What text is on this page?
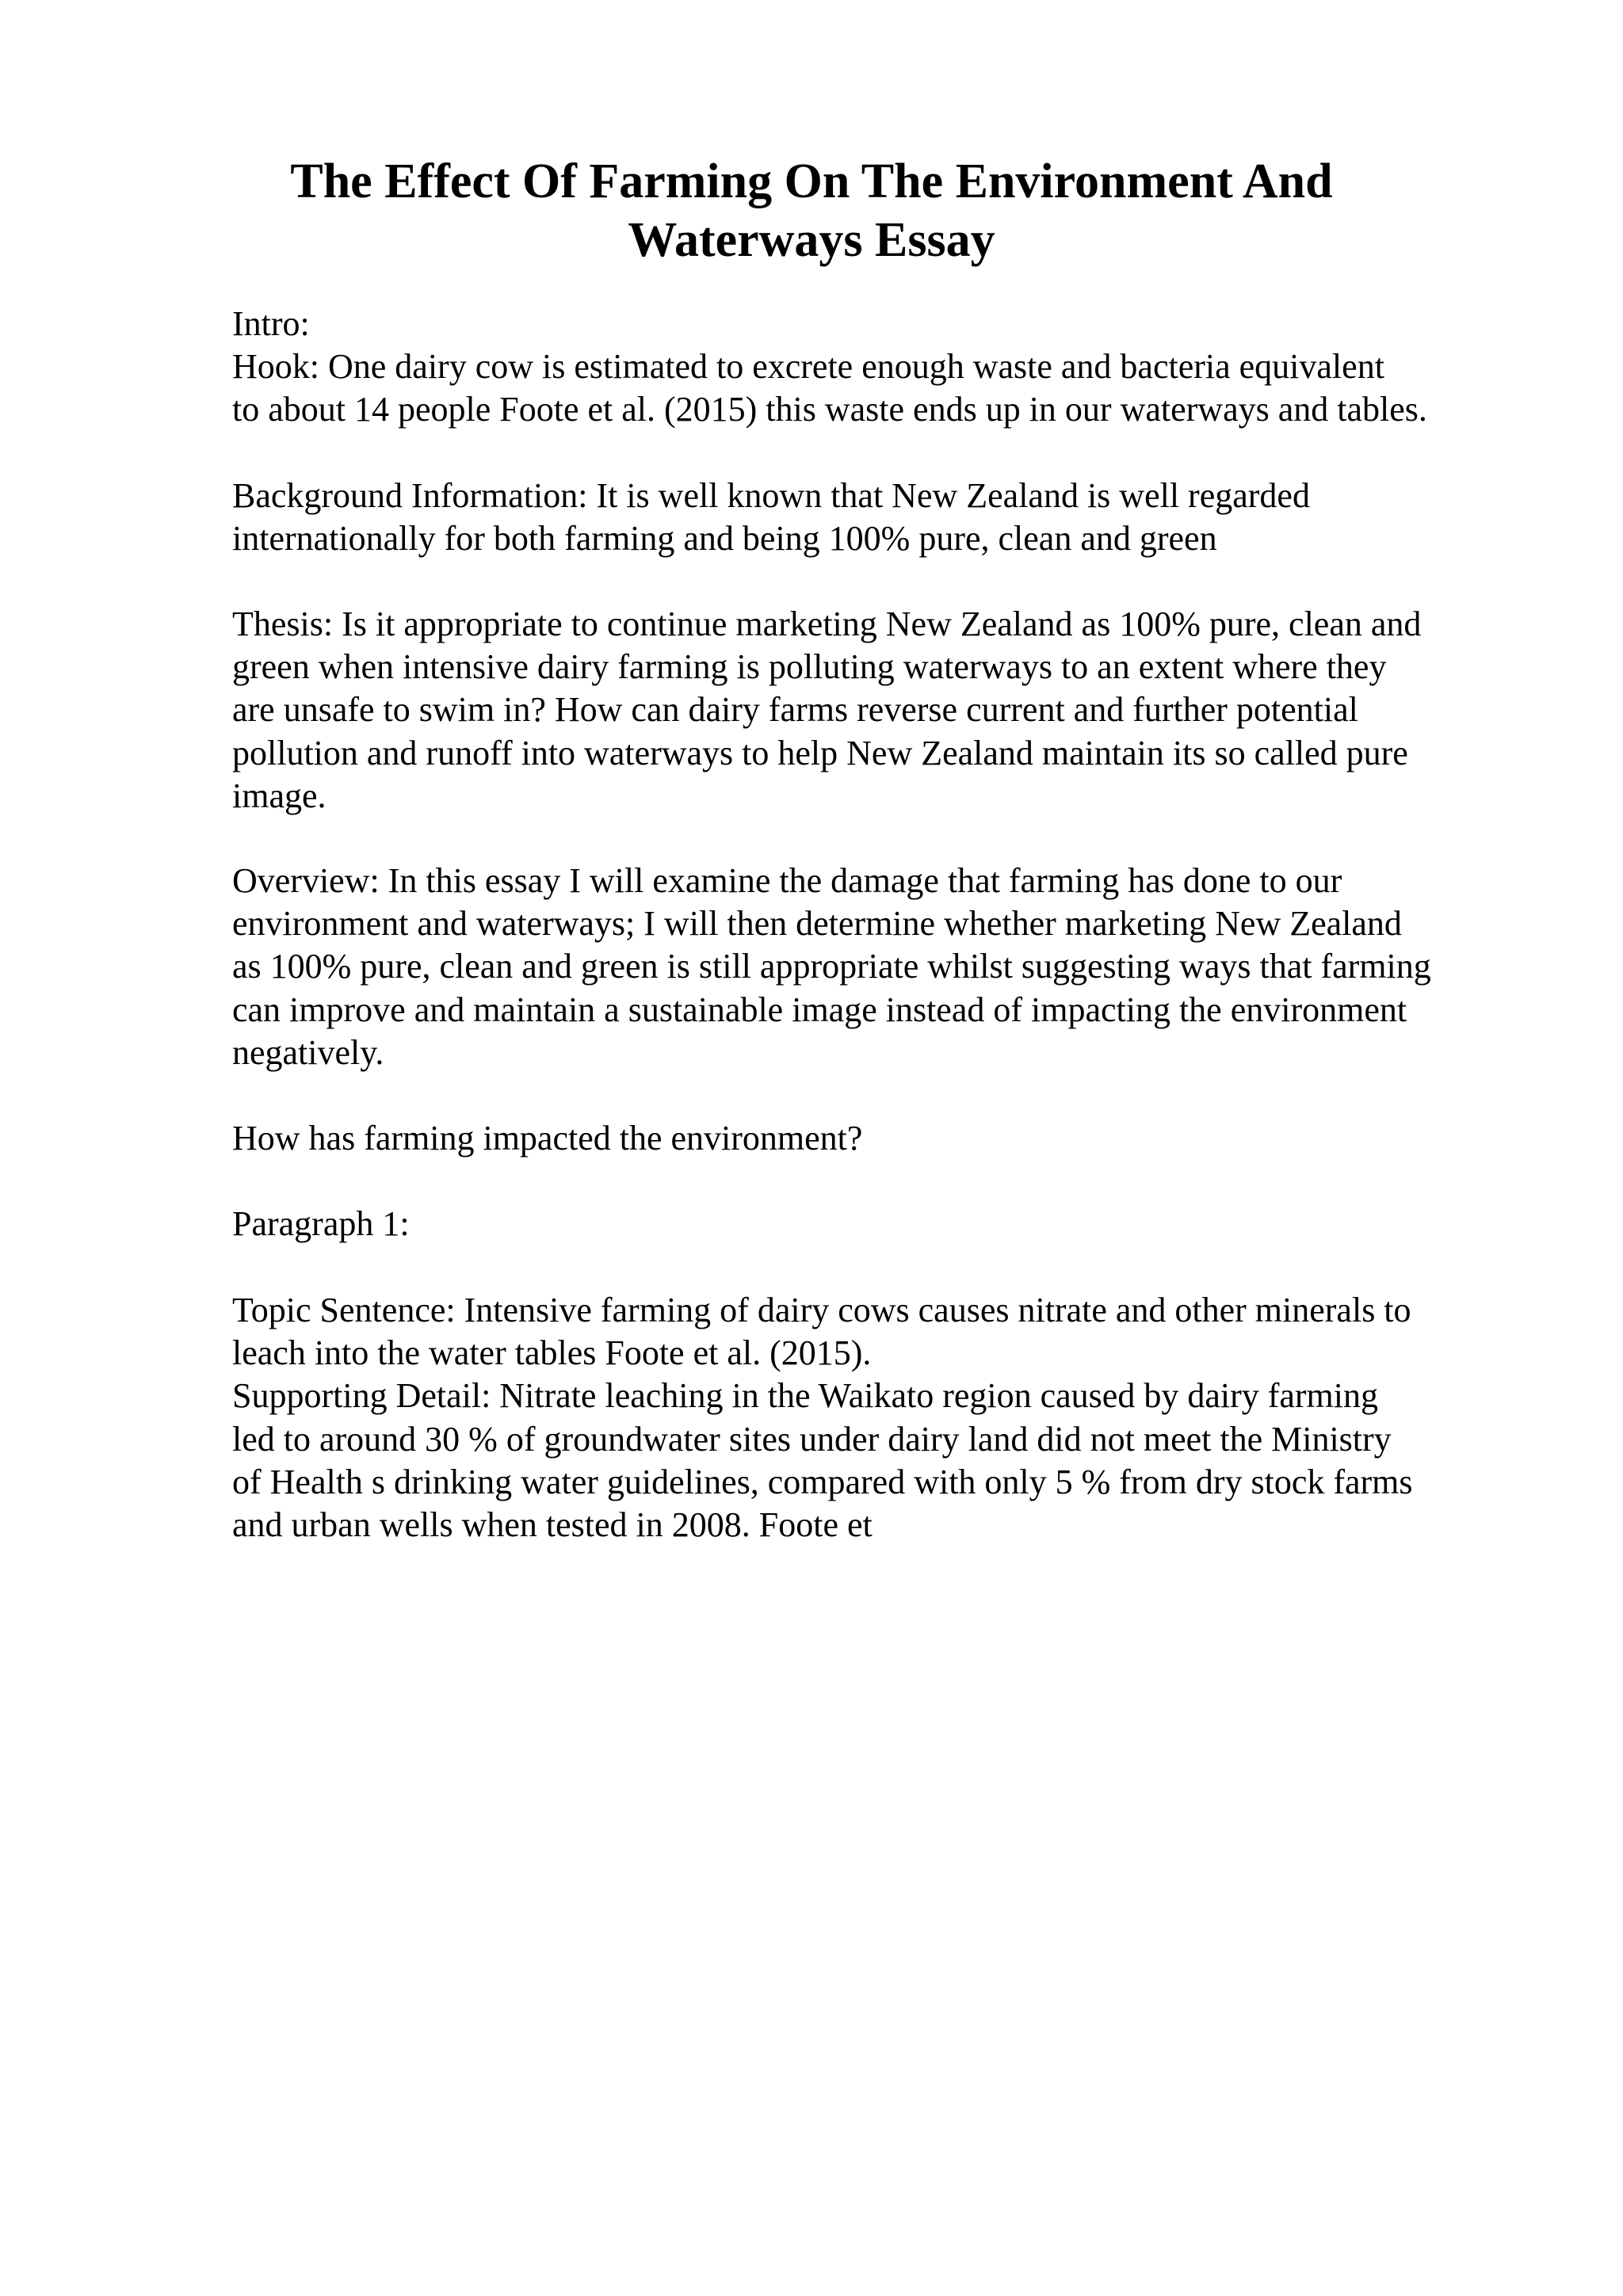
The Effect Of Farming On The Environment And
Waterways Essay
Intro:
Hook: One dairy cow is estimated to excrete enough waste and bacteria equivalent
to about 14 people Foote et al. (2015) this waste ends up in our waterways and tables.
Background Information: It is well known that New Zealand is well regarded
internationally for both farming and being 100% pure, clean and green
Thesis: Is it appropriate to continue marketing New Zealand as 100% pure, clean and
green when intensive dairy farming is polluting waterways to an extent where they
are unsafe to swim in? How can dairy farms reverse current and further potential
pollution and runoff into waterways to help New Zealand maintain its so called pure
image.
Overview: In this essay I will examine the damage that farming has done to our
environment and waterways; I will then determine whether marketing New Zealand
as 100% pure, clean and green is still appropriate whilst suggesting ways that farming
can improve and maintain a sustainable image instead of impacting the environment
negatively.
How has farming impacted the environment?
Paragraph 1:
Topic Sentence: Intensive farming of dairy cows causes nitrate and other minerals to
leach into the water tables Foote et al. (2015).
Supporting Detail: Nitrate leaching in the Waikato region caused by dairy farming
led to around 30 % of groundwater sites under dairy land did not meet the Ministry
of Health s drinking water guidelines, compared with only 5 % from dry stock farms
and urban wells when tested in 2008. Foote et
